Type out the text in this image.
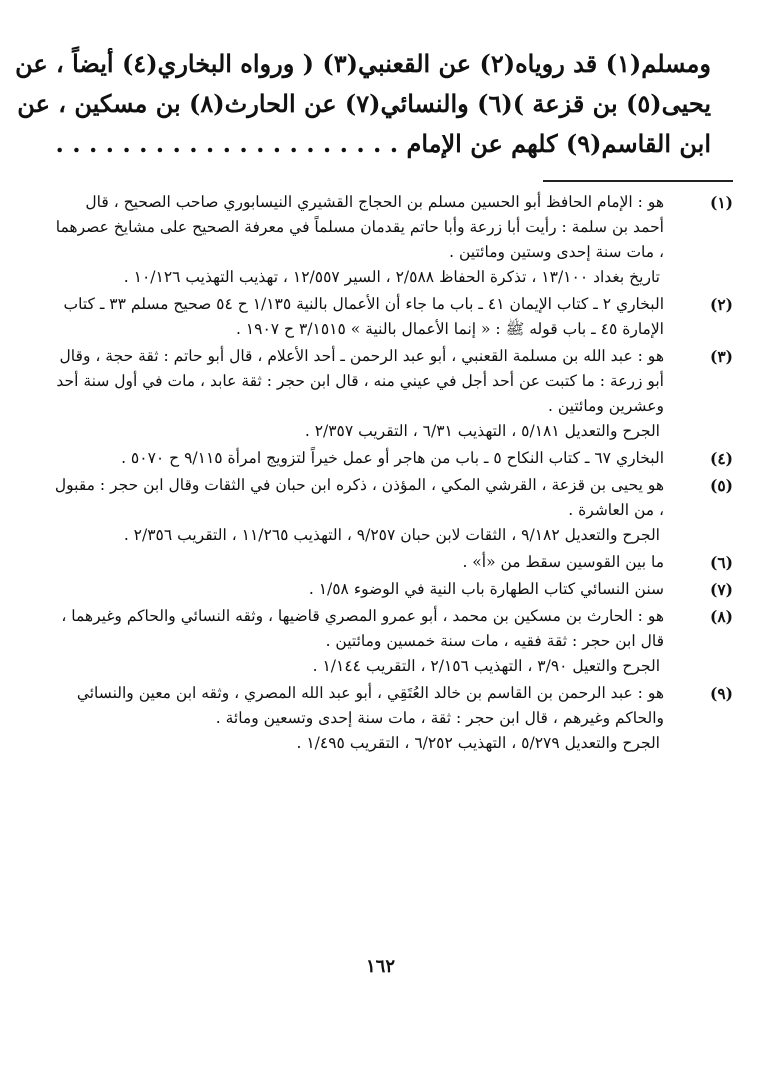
ومسلم(١) قد روياه(٢) عن القعنبي(٣) ( ورواه البخاري(٤) أيضاً ، عن
يحيى(٥) بن قزعة )(٦) والنسائي(٧) عن الحارث(٨) بن مسكين ، عن
ابن القاسم(٩) كلهم عن الإمام . . . . . . . . . . . . . . . . . . . . .
(١)
هو : الإمام الحافظ أبو الحسين مسلم بن الحجاج القشيري النيسابوري صاحب الصحيح ، قال أحمد بن سلمة : رأيت أبا زرعة وأبا حاتم يقدمان مسلماً في معرفة الصحيح على مشايخ عصرهما ، مات سنة إحدى وستين ومائتين .
تاريخ بغداد ١٣/١٠٠ ، تذكرة الحفاظ ٢/٥٨٨ ، السير ١٢/٥٥٧ ، تهذيب التهذيب ١٠/١٢٦ .
(٢)
البخاري ٢ ـ كتاب الإيمان ٤١ ـ باب ما جاء أن الأعمال بالنية ١/١٣٥ ح ٥٤ صحيح مسلم ٣٣ ـ كتاب الإمارة ٤٥ ـ باب قوله ﷺ : « إنما الأعمال بالنية » ٣/١٥١٥ ح ١٩٠٧ .
(٣)
هو : عبد الله بن مسلمة القعنبي ، أبو عبد الرحمن ـ أحد الأعلام ، قال أبو حاتم : ثقة حجة ، وقال أبو زرعة : ما كتبت عن أحد أجل في عيني منه ، قال ابن حجر : ثقة عابد ، مات في أول سنة أحد وعشرين ومائتين .
الجرح والتعديل ٥/١٨١ ، التهذيب ٦/٣١ ، التقريب ٢/٣٥٧ .
(٤)
البخاري ٦٧ ـ كتاب النكاح ٥ ـ باب من هاجر أو عمل خيراً لتزويج امرأة ٩/١١٥ ح ٥٠٧٠ .
(٥)
هو يحيى بن قزعة ، القرشي المكي ، المؤذن ، ذكره ابن حبان في الثقات وقال ابن حجر : مقبول ، من العاشرة .
الجرح والتعديل ٩/١٨٢ ، الثقات لابن حبان ٩/٢٥٧ ، التهذيب ١١/٢٦٥ ، التقريب ٢/٣٥٦ .
(٦)
ما بين القوسين سقط من «أ» .
(٧)
سنن النسائي كتاب الطهارة باب النية في الوضوء ١/٥٨ .
(٨)
هو : الحارث بن مسكين بن محمد ، أبو عمرو المصري قاضيها ، وثقه النسائي والحاكم وغيرهما ، قال ابن حجر : ثقة فقيه ، مات سنة خمسين ومائتين .
الجرح والتعيل ٣/٩٠ ، التهذيب ٢/١٥٦ ، التقريب ١/١٤٤ .
(٩)
هو : عبد الرحمن بن القاسم بن خالد العُتَقِي ، أبو عبد الله المصري ، وثقه ابن معين والنسائي والحاكم وغيرهم ، قال ابن حجر : ثقة ، مات سنة إحدى وتسعين ومائة .
الجرح والتعديل ٥/٢٧٩ ، التهذيب ٦/٢٥٢ ، التقريب ١/٤٩٥ .
١٦٢
